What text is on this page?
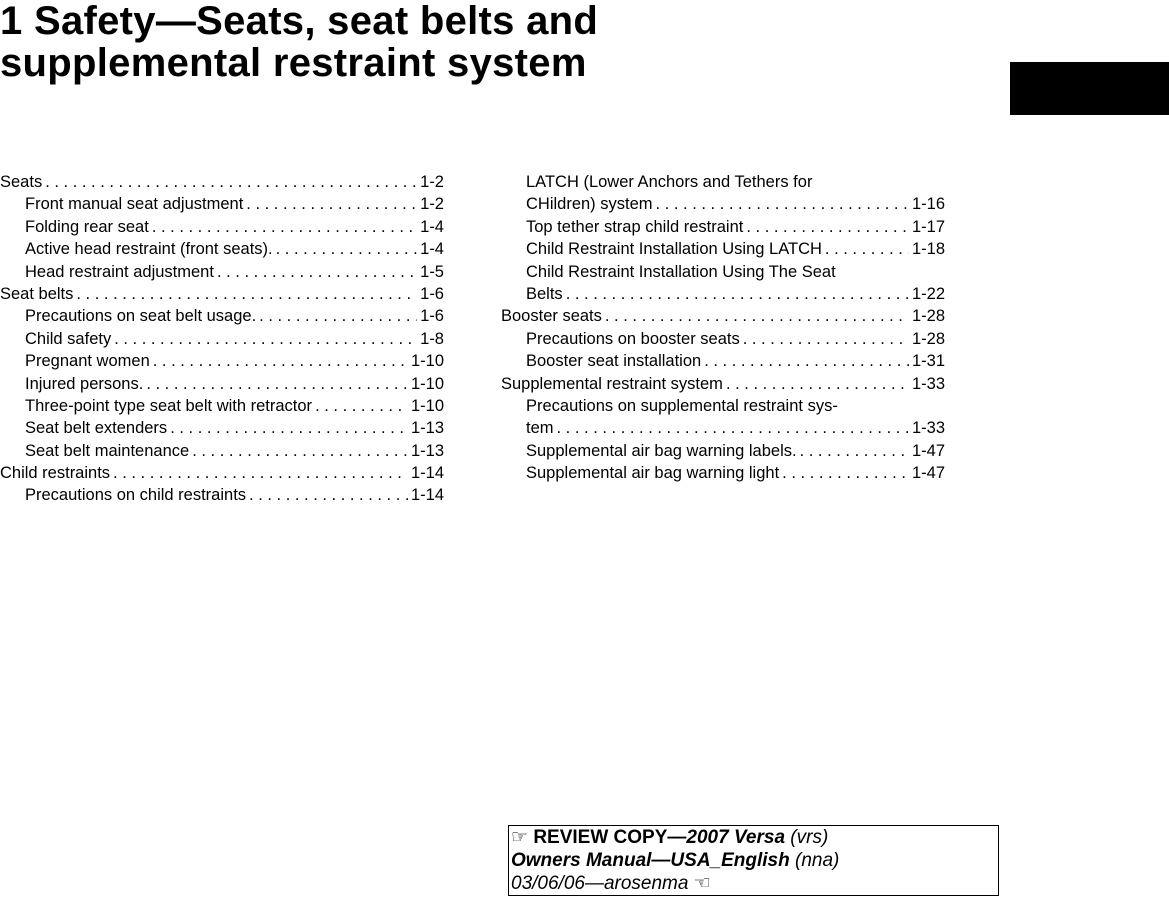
1 Safety—Seats, seat belts and
supplemental restraint system
Seats . . .	1-2
Front manual seat adjustment . . .	1-2
Folding rear seat . . .	1-4
Active head restraint (front seats). . . .	1-4
Head restraint adjustment . . .	1-5
Seat belts . . .	1-6
Precautions on seat belt usage. . . .	1-6
Child safety . . .	1-8
Pregnant women . . .	1-10
Injured persons. . . .	1-10
Three-point type seat belt with retractor . . .	1-10
Seat belt extenders . . .	1-13
Seat belt maintenance . . .	1-13
Child restraints . . .	1-14
Precautions on child restraints . . .	1-14
LATCH (Lower Anchors and Tethers for
CHildren) system . . .	1-16
Top tether strap child restraint . . .	1-17
Child Restraint Installation Using LATCH . . .	1-18
Child Restraint Installation Using The Seat
Belts . . .	1-22
Booster seats . . .	1-28
Precautions on booster seats . . .	1-28
Booster seat installation . . .	1-31
Supplemental restraint system . . .	1-33
Precautions on supplemental restraint sys-
tem . . .	1-33
Supplemental air bag warning labels. . . .	1-47
Supplemental air bag warning light . . .	1-47
☞ REVIEW COPY—2007 Versa (vrs)
Owners Manual—USA_English (nna)
03/06/06—arosenma ☜
